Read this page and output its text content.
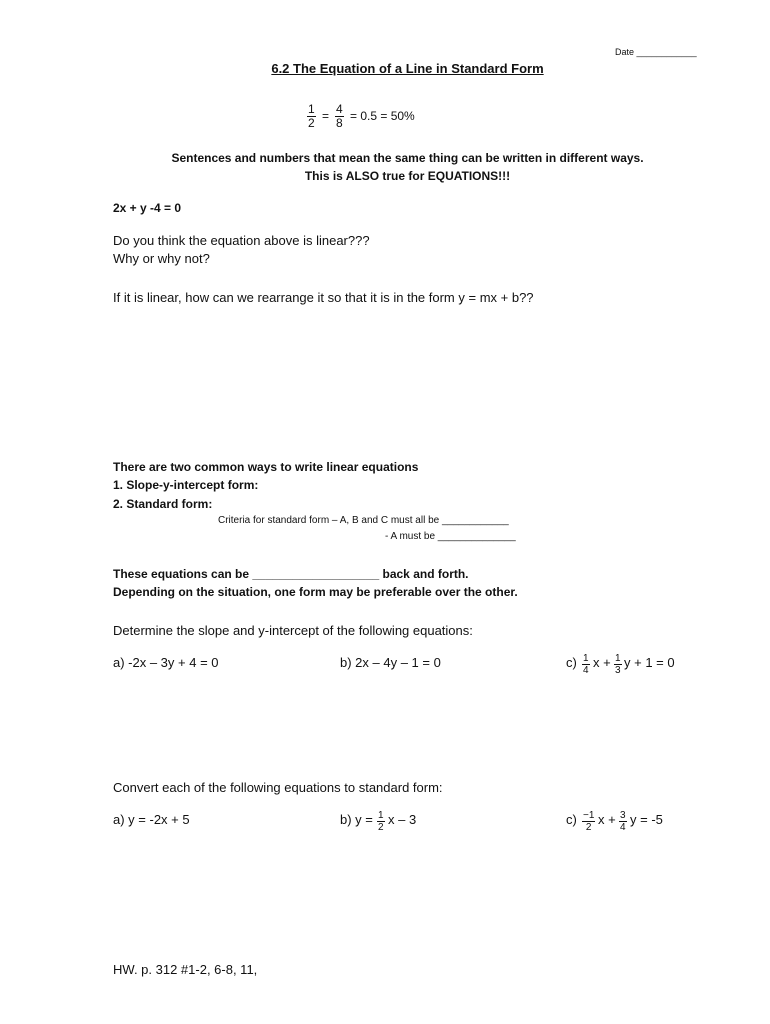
Date ____________
6.2 The Equation of a Line in Standard Form
$\frac{1}{2} = \frac{4}{8} = 0.5 = 50\%$
Sentences and numbers that mean the same thing can be written in different ways.
This is ALSO true for EQUATIONS!!!
2x + y -4 = 0
Do you think the equation above is linear???
Why or why not?
If it is linear, how can we rearrange it so that it is in the form y = mx + b??
There are two common ways to write linear equations
1. Slope-y-intercept form:
2. Standard form:
Criteria for standard form – A, B and C must all be ____________
- A must be ______________
These equations can be ___________________ back and forth.
Depending on the situation, one form may be preferable over the other.
Determine the slope and y-intercept of the following equations:
a) -2x – 3y + 4 = 0	b) 2x – 4y – 1 = 0	$c) \frac{1}{4}$ $x + \frac{1}{3}$ y + 1 = 0
Convert each of the following equations to standard form:
a) y = -2x + 5	b) $y = \frac{1}{2}$ x – 3	$c) \frac{-1}{2}$ $x + \frac{3}{4}$ y = -5
HW. p. 312 #1-2, 6-8, 11,
